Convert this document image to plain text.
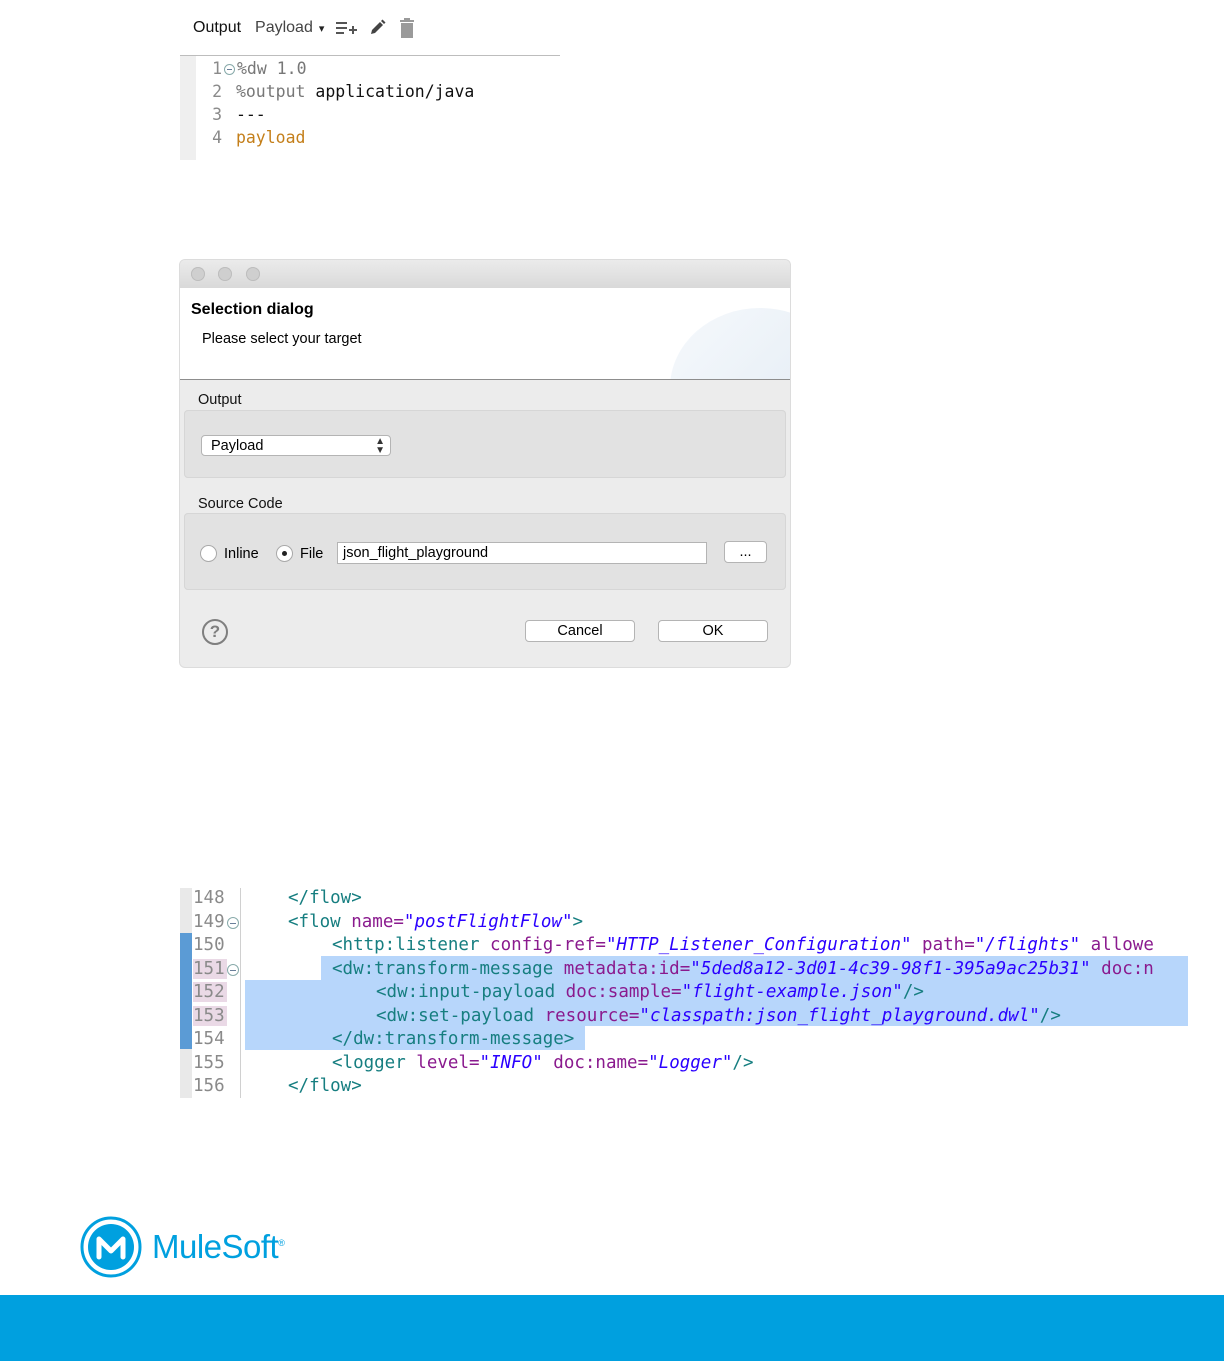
Output Payload ▾
1 %dw 1.0
2 %output application/java
3 ---
4 payload
Selection dialog
Please select your target
Output
Payload	▲
▼
Source Code
Inline	File	json_flight_playground	...
?	Cancel	OK
148	</flow>
149	<flow name="postFlightFlow">
150	<http:listener config-ref="HTTP_Listener_Configuration" path="/flights" allowe
151	<dw:transform-message metadata:id="5ded8a12-3d01-4c39-98f1-395a9ac25b31" doc:n
152	<dw:input-payload doc:sample="flight-example.json"/>
153	<dw:set-payload resource="classpath:json_flight_playground.dwl"/>
154	</dw:transform-message>
155	<logger level="INFO" doc:name="Logger"/>
156	</flow>
MuleSoft®
